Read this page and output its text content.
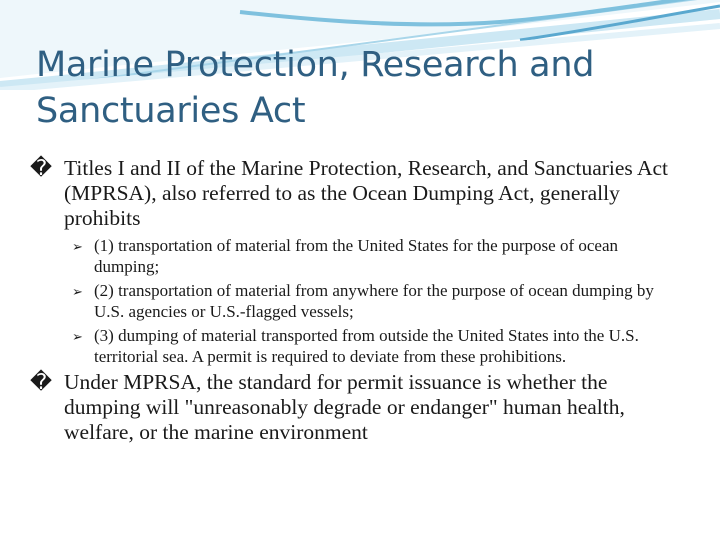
Marine Protection, Research and Sanctuaries Act

� Titles I and II of the Marine Protection, Research, and Sanctuaries Act (MPRSA), also referred to as the Ocean Dumping Act, generally prohibits

➢ (1) transportation of material from the United States for the purpose of ocean dumping;
➢ (2) transportation of material from anywhere for the purpose of ocean dumping by U.S. agencies or U.S.-flagged vessels;
➢ (3) dumping of material transported from outside the United States into the U.S. territorial sea. A permit is required to deviate from these prohibitions.

� Under MPRSA, the standard for permit issuance is whether the dumping will "unreasonably degrade or endanger" human health, welfare, or the marine environment
